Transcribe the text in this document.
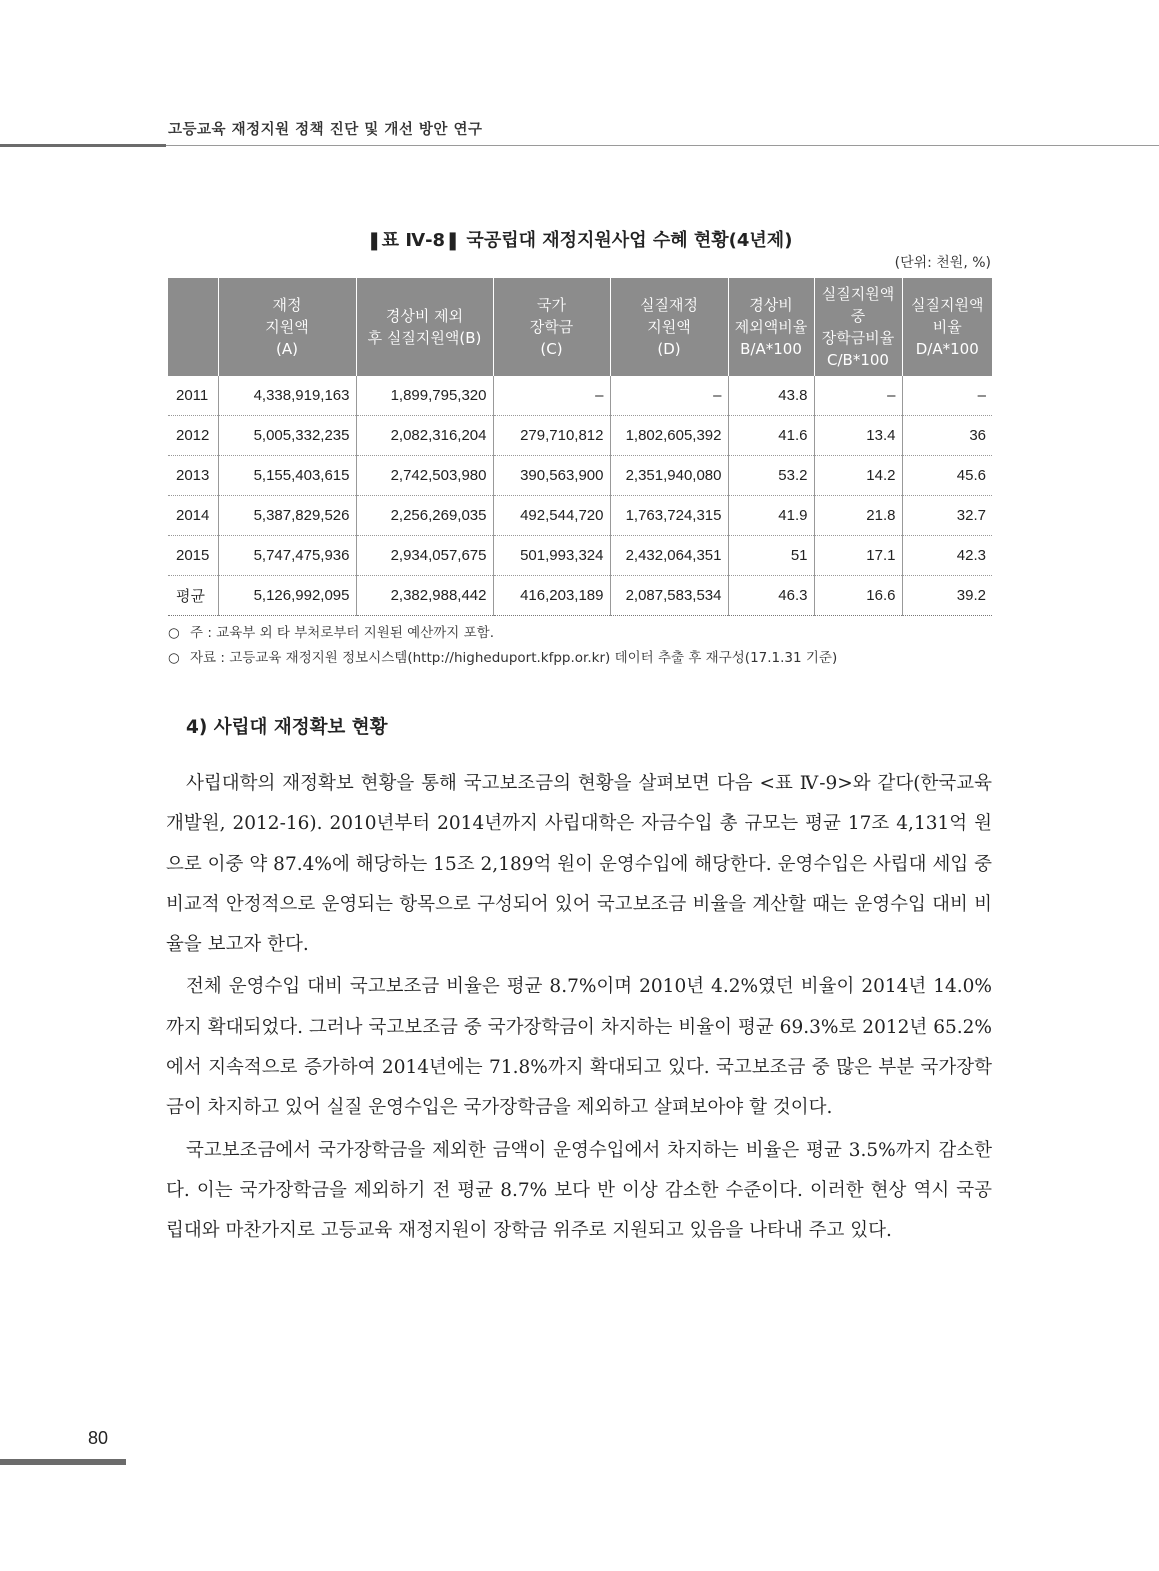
고등교육 재정지원 정책 진단 및 개선 방안 연구
❚표 Ⅳ-8❚ 국공립대 재정지원사업 수혜 현황(4년제)
(단위: 천원, %)
	재정
지원액
(A)	경상비 제외
후 실질지원액(B)	국가
장학금
(C)	실질재정
지원액
(D)	경상비
제외액비율
B/A*100	실질지원액
중
장학금비율
C/B*100	실질지원액
비율
D/A*100
2011	4,338,919,163	1,899,795,320	–	–	43.8	–	–
2012	5,005,332,235	2,082,316,204	279,710,812	1,802,605,392	41.6	13.4	36
2013	5,155,403,615	2,742,503,980	390,563,900	2,351,940,080	53.2	14.2	45.6
2014	5,387,829,526	2,256,269,035	492,544,720	1,763,724,315	41.9	21.8	32.7
2015	5,747,475,936	2,934,057,675	501,993,324	2,432,064,351	51	17.1	42.3
평균	5,126,992,095	2,382,988,442	416,203,189	2,087,583,534	46.3	16.6	39.2
○ 주 : 교육부 외 타 부처로부터 지원된 예산까지 포함.
○ 자료 : 고등교육 재정지원 정보시스템(http://higheduport.kfpp.or.kr) 데이터 추출 후 재구성(17.1.31 기준)
4) 사립대 재정확보 현황

사립대학의 재정확보 현황을 통해 국고보조금의 현황을 살펴보면 다음 <표 Ⅳ-9>와 같다(한국교육개발원, 2012-16). 2010년부터 2014년까지 사립대학은 자금수입 총 규모는 평균 17조 4,131억 원으로 이중 약 87.4%에 해당하는 15조 2,189억 원이 운영수입에 해당한다. 운영수입은 사립대 세입 중 비교적 안정적으로 운영되는 항목으로 구성되어 있어 국고보조금 비율을 계산할 때는 운영수입 대비 비율을 보고자 한다.

전체 운영수입 대비 국고보조금 비율은 평균 8.7%이며 2010년 4.2%였던 비율이 2014년 14.0%까지 확대되었다. 그러나 국고보조금 중 국가장학금이 차지하는 비율이 평균 69.3%로 2012년 65.2%에서 지속적으로 증가하여 2014년에는 71.8%까지 확대되고 있다. 국고보조금 중 많은 부분 국가장학금이 차지하고 있어 실질 운영수입은 국가장학금을 제외하고 살펴보아야 할 것이다.

국고보조금에서 국가장학금을 제외한 금액이 운영수입에서 차지하는 비율은 평균 3.5%까지 감소한다. 이는 국가장학금을 제외하기 전 평균 8.7% 보다 반 이상 감소한 수준이다. 이러한 현상 역시 국공립대와 마찬가지로 고등교육 재정지원이 장학금 위주로 지원되고 있음을 나타내 주고 있다.

80
